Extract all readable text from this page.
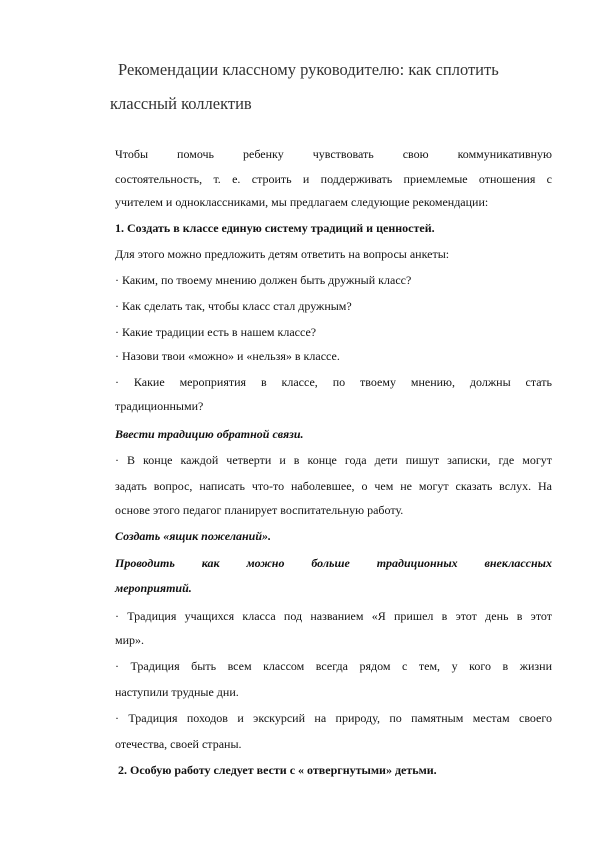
Рекомендации классному руководителю: как сплотить
классный коллектив
Чтобы помочь ребенку чувствовать свою коммуникативную
состоятельность, т. е. строить и поддерживать приемлемые отношения с
учителем и одноклассниками, мы предлагаем следующие рекомендации:
1. Создать в классе единую систему традиций и ценностей.
Для этого можно предложить детям ответить на вопросы анкеты:
· Каким, по твоему мнению должен быть дружный класс?
· Как сделать так, чтобы класс стал дружным?
· Какие традиции есть в нашем классе?
· Назови твои «можно» и «нельзя» в классе.
· Какие мероприятия в классе, по твоему мнению, должны стать
традиционными?
Ввести традицию обратной связи.
· В конце каждой четверти и в конце года дети пишут записки, где могут
задать вопрос, написать что-то наболевшее, о чем не могут сказать вслух. На
основе этого педагог планирует воспитательную работу.
Создать «ящик пожеланий».
Проводить как можно больше традиционных внеклассных
мероприятий.
· Традиция учащихся класса под названием «Я пришел в этот день в этот
мир».
· Традиция быть всем классом всегда рядом с тем, у кого в жизни
наступили трудные дни.
· Традиция походов и экскурсий на природу, по памятным местам своего
отечества, своей страны.
2. Особую работу следует вести с « отвергнутыми» детьми.
